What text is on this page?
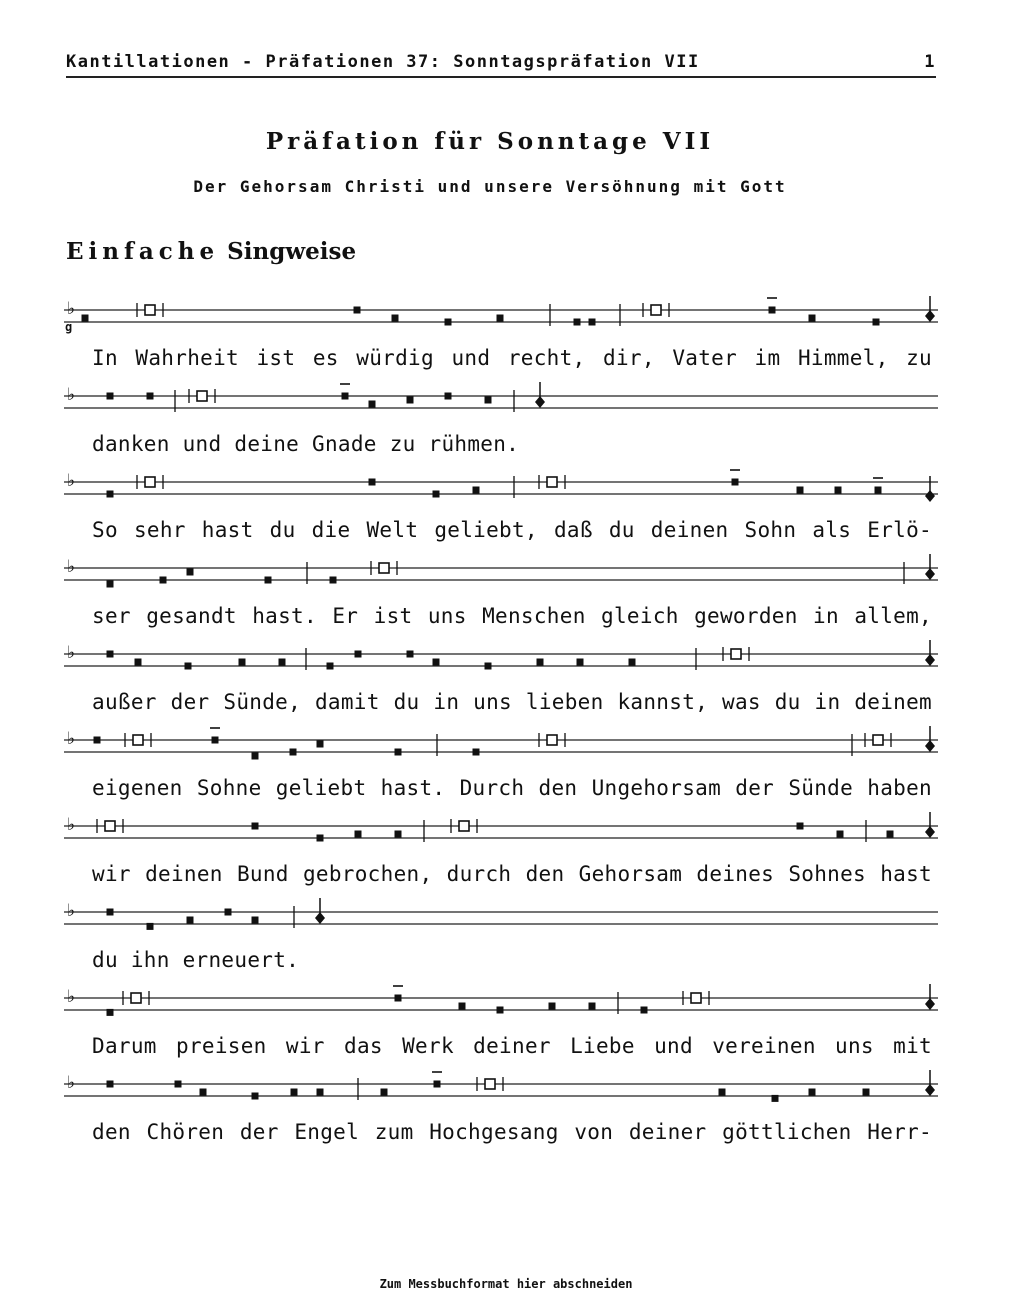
Kantillationen - Präfationen 37: Sonntagspräfation VII	1
Präfation für Sonntage VII
Der Gehorsam Christi und unsere Versöhnung mit Gott
Einfache Singweise
♭
g
♭
♭
♭
♭
♭
♭
♭
♭
♭
In Wahrheit ist es würdig und recht, dir, Vater im Himmel, zu
danken und deine Gnade zu rühmen.
So sehr hast du die Welt geliebt, daß du deinen Sohn als Erlö-
ser gesandt hast. Er ist uns Menschen gleich geworden in allem,
außer der Sünde, damit du in uns lieben kannst, was du in deinem
eigenen Sohne geliebt hast. Durch den Ungehorsam der Sünde haben
wir deinen Bund gebrochen, durch den Gehorsam deines Sohnes hast
du ihn erneuert.
Darum preisen wir das Werk deiner Liebe und vereinen uns mit
den Chören der Engel zum Hochgesang von deiner göttlichen Herr-
Zum Messbuchformat hier abschneiden
